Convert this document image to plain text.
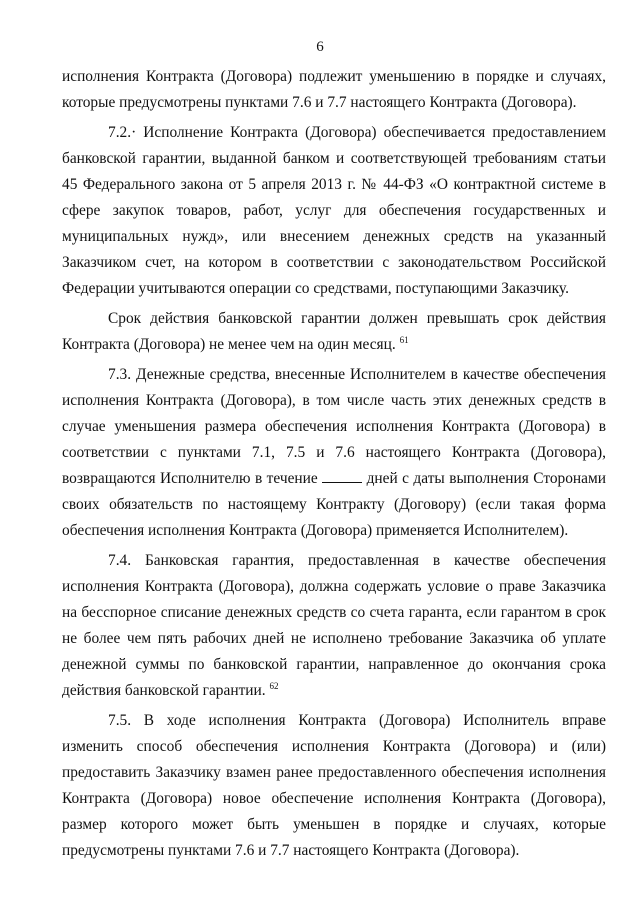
6

исполнения Контракта (Договора) подлежит уменьшению в порядке и случаях, которые предусмотрены пунктами 7.6 и 7.7 настоящего Контракта (Договора).

7.2.· Исполнение Контракта (Договора) обеспечивается предоставлением банковской гарантии, выданной банком и соответствующей требованиям статьи 45 Федерального закона от 5 апреля 2013 г. № 44-ФЗ «О контрактной системе в сфере закупок товаров, работ, услуг для обеспечения государственных и муниципальных нужд», или внесением денежных средств на указанный Заказчиком счет, на котором в соответствии с законодательством Российской Федерации учитываются операции со средствами, поступающими Заказчику.

Срок действия банковской гарантии должен превышать срок действия Контракта (Договора) не менее чем на один месяц. $^{61}$

7.3. Денежные средства, внесенные Исполнителем в качестве обеспечения исполнения Контракта (Договора), в том числе часть этих денежных средств в случае уменьшения размера обеспечения исполнения Контракта (Договора) в соответствии с пунктами 7.1, 7.5 и 7.6 настоящего Контракта (Договора), возвращаются Исполнителю в течение	дней с даты выполнения Сторонами своих обязательств по настоящему Контракту (Договору) (если такая форма обеспечения исполнения Контракта (Договора) применяется Исполнителем).

7.4. Банковская гарантия, предоставленная в качестве обеспечения исполнения Контракта (Договора), должна содержать условие о праве Заказчика на бесспорное списание денежных средств со счета гаранта, если гарантом в срок не более чем пять рабочих дней не исполнено требование Заказчика об уплате денежной суммы по банковской гарантии, направленное до окончания срока действия банковской гарантии. $^{62}$

7.5. В ходе исполнения Контракта (Договора) Исполнитель вправе изменить способ обеспечения исполнения Контракта (Договора) и (или) предоставить Заказчику взамен ранее предоставленного обеспечения исполнения Контракта (Договора) новое обеспечение исполнения Контракта (Договора), размер которого может быть уменьшен в порядке и случаях, которые предусмотрены пунктами 7.6 и 7.7 настоящего Контракта (Договора).
